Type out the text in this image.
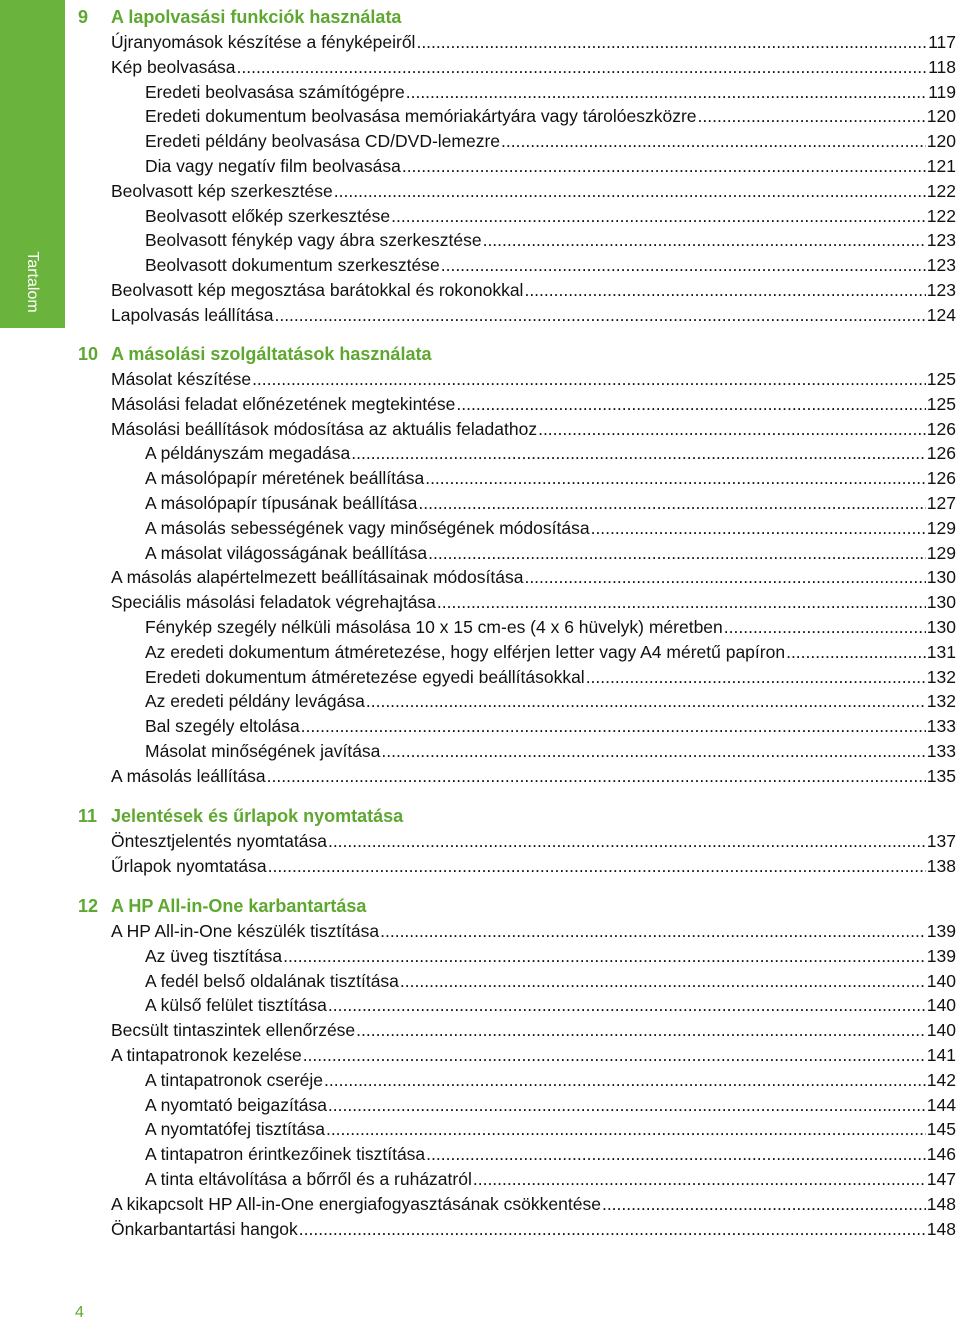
Tartalom
9 A lapolvasási funkciók használata
Újranyomások készítése a fényképeiről .....	117
Kép beolvasása .....	118
Eredeti beolvasása számítógépre .....	119
Eredeti dokumentum beolvasása memóriakártyára vagy tárolóeszközre .....	120
Eredeti példány beolvasása CD/DVD-lemezre .....	120
Dia vagy negatív film beolvasása .....	121
Beolvasott kép szerkesztése .....	122
Beolvasott előkép szerkesztése .....	122
Beolvasott fénykép vagy ábra szerkesztése .....	123
Beolvasott dokumentum szerkesztése .....	123
Beolvasott kép megosztása barátokkal és rokonokkal .....	123
Lapolvasás leállítása .....	124
10 A másolási szolgáltatások használata
Másolat készítése .....	125
Másolási feladat előnézetének megtekintése .....	125
Másolási beállítások módosítása az aktuális feladathoz .....	126
A példányszám megadása .....	126
A másolópapír méretének beállítása .....	126
A másolópapír típusának beállítása .....	127
A másolás sebességének vagy minőségének módosítása .....	129
A másolat világosságának beállítása .....	129
A másolás alapértelmezett beállításainak módosítása .....	130
Speciális másolási feladatok végrehajtása .....	130
Fénykép szegély nélküli másolása 10 x 15 cm-es (4 x 6 hüvelyk) méretben .....	130
Az eredeti dokumentum átméretezése, hogy elférjen letter vagy A4 méretű papíron .....	131
Eredeti dokumentum átméretezése egyedi beállításokkal .....	132
Az eredeti példány levágása .....	132
Bal szegély eltolása .....	133
Másolat minőségének javítása .....	133
A másolás leállítása .....	135
11 Jelentések és űrlapok nyomtatása
Öntesztjelentés nyomtatása .....	137
Űrlapok nyomtatása .....	138
12 A HP All-in-One karbantartása
A HP All-in-One készülék tisztítása .....	139
Az üveg tisztítása .....	139
A fedél belső oldalának tisztítása .....	140
A külső felület tisztítása .....	140
Becsült tintaszintek ellenőrzése .....	140
A tintapatronok kezelése .....	141
A tintapatronok cseréje .....	142
A nyomtató beigazítása .....	144
A nyomtatófej tisztítása .....	145
A tintapatron érintkezőinek tisztítása .....	146
A tinta eltávolítása a bőrről és a ruházatról .....	147
A kikapcsolt HP All-in-One energiafogyasztásának csökkentése .....	148
Önkarbantartási hangok .....	148
4
